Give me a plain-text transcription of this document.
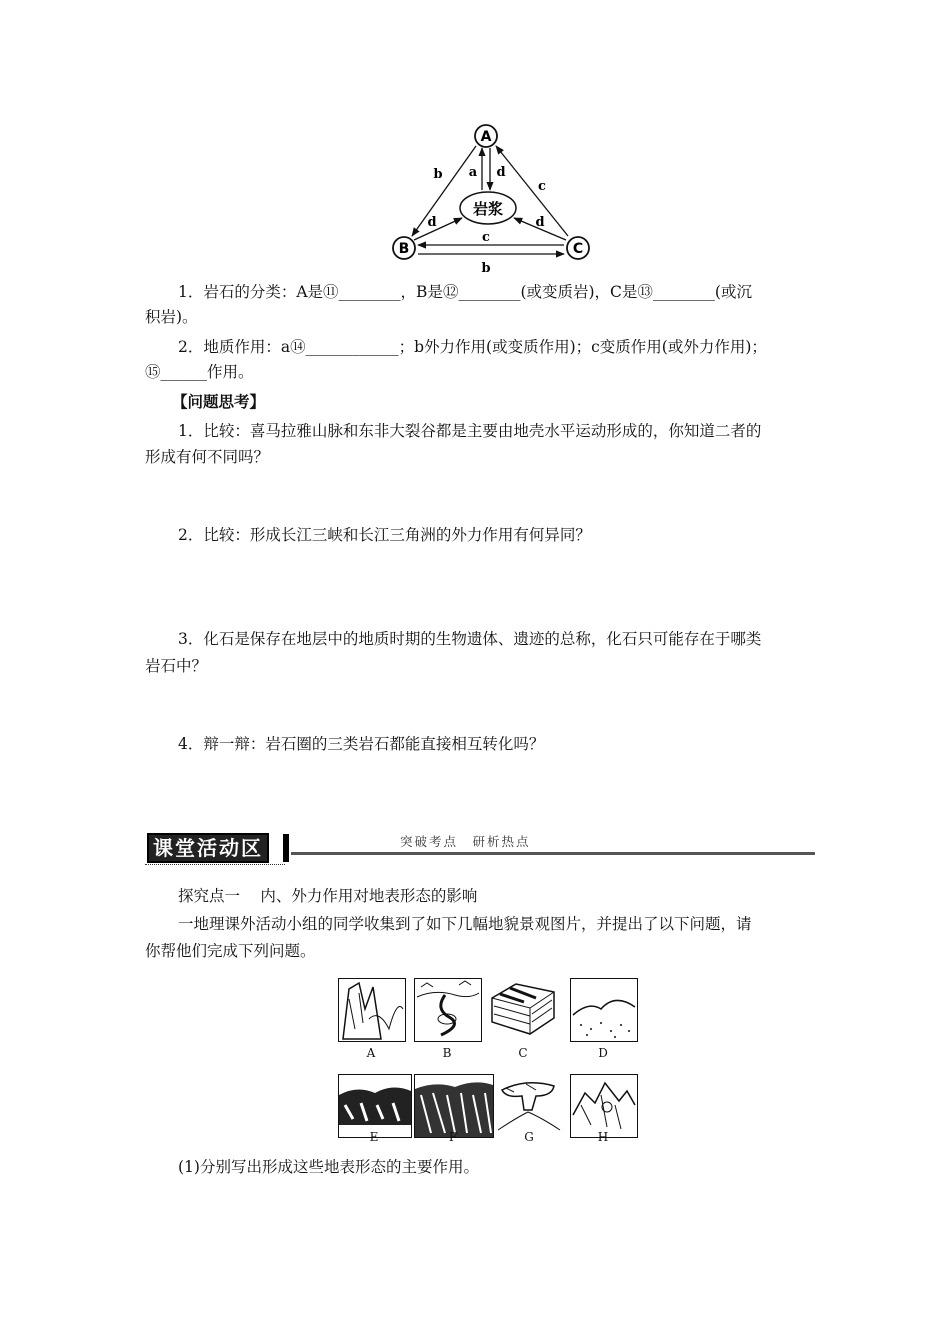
A
B	C
岩浆
b
c
a d
d	d
c
b
1．岩石的分类：A是⑪________，B是⑫________(或变质岩)，C是⑬________(或沉
积岩)。
2．地质作用：a⑭____________；b外力作用(或变质作用)；c变质作用(或外力作用)；
⑮______作用。
【问题思考】
1．比较：喜马拉雅山脉和东非大裂谷都是主要由地壳水平运动形成的，你知道二者的
形成有何不同吗？
2．比较：形成长江三峡和长江三角洲的外力作用有何异同？
3．化石是保存在地层中的地质时期的生物遗体、遗迹的总称，化石只可能存在于哪类
岩石中？
4．辩一辩：岩石圈的三类岩石都能直接相互转化吗？
课堂活动区	突破考点　研析热点
探究点一　 内、外力作用对地表形态的影响
一地理课外活动小组的同学收集到了如下几幅地貌景观图片，并提出了以下问题，请
你帮他们完成下列问题。
A	B	C	D
E	F	G	H
(1)分别写出形成这些地表形态的主要作用。
